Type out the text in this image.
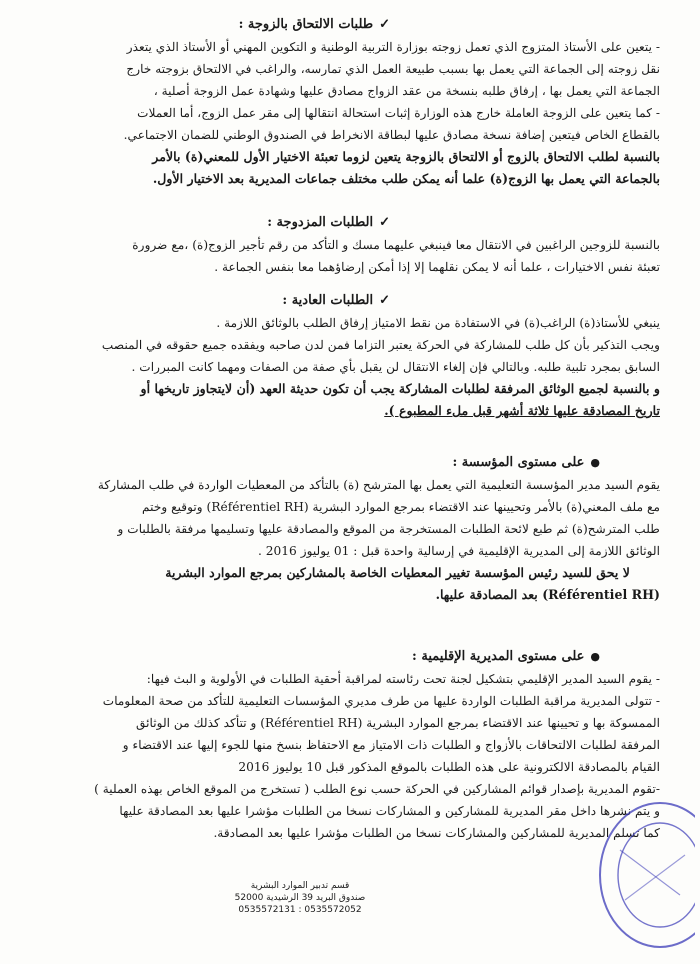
✓
طلبات الالتحاق بالزوجة :
- يتعين على الأستاذ المتزوج الذي تعمل زوجته بوزارة التربية الوطنية و التكوين المهني أو الأستاذ الذي يتعذر
نقل زوجته إلى الجماعة التي يعمل بها بسبب طبيعة العمل الذي تمارسه، والراغب في الالتحاق بزوجته خارج
الجماعة التي يعمل بها ، إرفاق طلبه بنسخة من عقد الزواج مصادق عليها وشهادة عمل الزوجة أصلية ،
- كما يتعين على الزوجة العاملة خارج هذه الوزارة إثبات استحالة انتقالها إلى مقر عمل الزوج، أما العملات
بالقطاع الخاص فيتعين إضافة نسخة مصادق عليها لبطاقة الانخراط في الصندوق الوطني للضمان الاجتماعي.
بالنسبة لطلب الالتحاق بالزوج أو الالتحاق بالزوجة يتعين لزوما تعبئة الاختيار الأول للمعني(ة) بالأمر
بالجماعة التي يعمل بها الزوج(ة) علما أنه يمكن طلب مختلف جماعات المديرية بعد الاختيار الأول.
✓
الطلبات المزدوجة :
بالنسبة للزوجين الراغبين في الانتقال معا فينبغي عليهما مسك و التأكد من رقم تأجير الزوج(ة) ،مع ضرورة
تعبئة نفس الاختيارات ، علما أنه لا يمكن نقلهما إلا إذا أمكن إرضاؤهما معا بنفس الجماعة .
✓
الطلبات العادية :
ينبغي للأستاذ(ة) الراغب(ة) في الاستفادة من نقط الامتياز إرفاق الطلب بالوثائق اللازمة .
ويجب التذكير بأن كل طلب للمشاركة في الحركة يعتبر التزاما فمن لدن صاحبه ويفقده جميع حقوقه في المنصب
السابق بمجرد تلبية طلبه. وبالتالي فإن إلغاء الانتقال لن يقبل بأي صفة من الصفات ومهما كانت المبررات .
و بالنسبة لجميع الوثائق المرفقة لطلبات المشاركة يجب أن تكون حديثة العهد (أن لايتجاوز تاريخها أو
تاريخ المصادقة عليها ثلاثة أشهر قبل ملء المطبوع ).
●
على مستوى المؤسسة :
يقوم السيد مدير المؤسسة التعليمية التي يعمل بها المترشح (ة) بالتأكد من المعطيات الواردة في طلب المشاركة
مع ملف المعني(ة) بالأمر وتحيينها عند الاقتضاء بمرجع الموارد البشرية (Référentiel RH) وتوقيع وختم
طلب المترشح(ة) ثم طبع لائحة الطلبات المستخرجة من الموقع والمصادقة عليها وتسليمها مرفقة بالطلبات و
الوثائق اللازمة إلى المديرية الإقليمية في إرسالية واحدة قبل : 01 يوليوز 2016 .
لا يحق للسيد رئيس المؤسسة تغيير المعطيات الخاصة بالمشاركين بمرجع الموارد البشرية
(Référentiel RH) بعد المصادقة عليها.
●
على مستوى المديرية الإقليمية :
- يقوم السيد المدير الإقليمي بتشكيل لجنة تحت رئاسته لمراقبة أحقية الطلبات في الأولوية و البث فيها:
- تتولى المديرية مراقبة الطلبات الواردة عليها من طرف مديري المؤسسات التعليمية للتأكد من صحة المعلومات
الممسوكة بها و تحيينها عند الاقتضاء بمرجع الموارد البشرية (Référentiel RH) و تتأكد كذلك من الوثائق
المرفقة لطلبات الالتحاقات بالأزواج و الطلبات ذات الامتياز مع الاحتفاظ بنسخ منها للجوء إليها عند الاقتضاء و
القيام بالمصادقة الالكترونية على هذه الطلبات بالموقع المذكور قبل 10 يوليوز 2016
-تقوم المديرية بإصدار قوائم المشاركين في الحركة حسب نوع الطلب ( تستخرج من الموقع الخاص بهذه العملية )
و يتم نشرها داخل مقر المديرية للمشاركين و المشاركات نسخا من الطلبات مؤشرا عليها بعد المصادقة عليها
كما تسلم المديرية للمشاركين والمشاركات نسخا من الطلبات مؤشرا عليها بعد المصادقة.
قسم تدبير الموارد البشرية
صندوق البريد 39 الرشيدية 52000
0535572052 : 0535572131
